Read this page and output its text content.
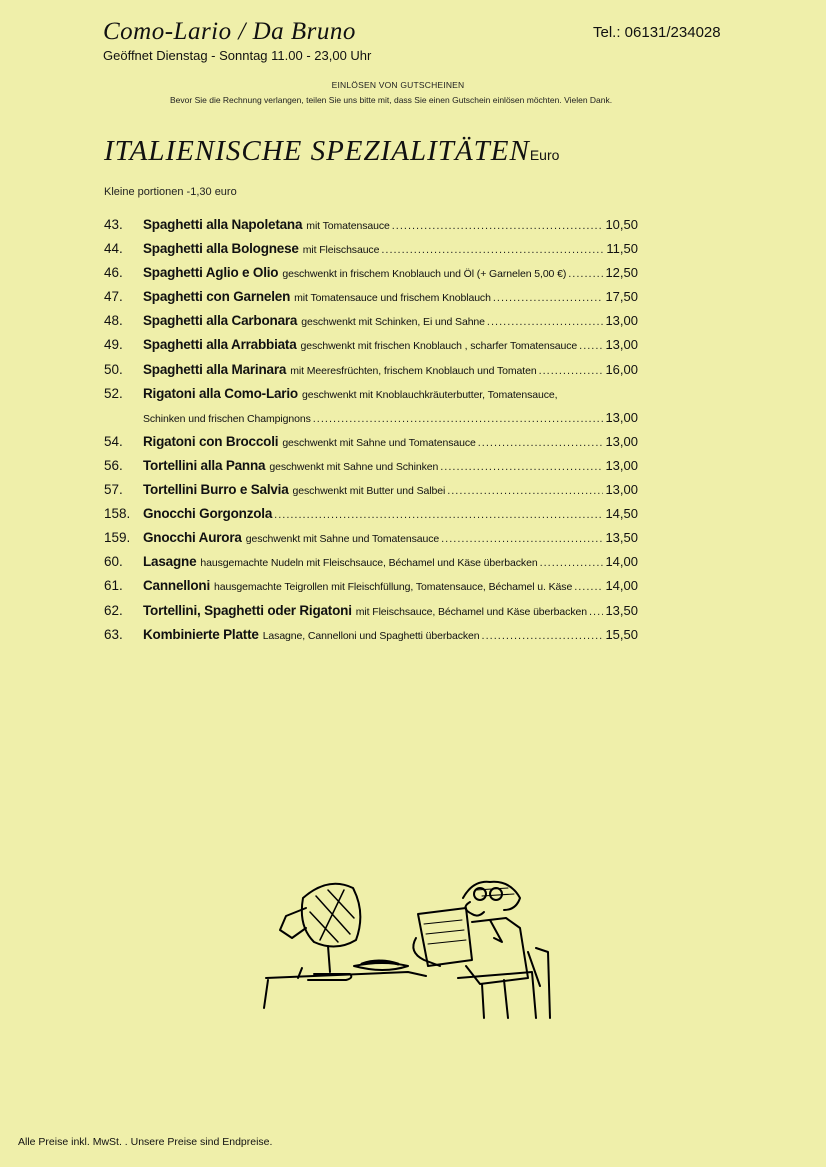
Como-Lario / Da Bruno
Geöffnet Dienstag - Sonntag 11.00 - 23,00 Uhr
Tel.: 06131/234028
EINLÖSEN VON GUTSCHEINEN
Bevor Sie die Rechnung verlangen, teilen Sie uns bitte mit, dass Sie einen Gutschein einlösen möchten. Vielen Dank.
ITALIENISCHE SPEZIALITÄTENEuro
Kleine portionen -1,30 euro
43.	Spaghetti alla Napoletana mit Tomatensauce .....	10,50
44.	Spaghetti alla Bolognese mit Fleischsauce .....	11,50
46.	Spaghetti Aglio e Olio geschwenkt in frischem Knoblauch und Öl (+ Garnelen 5,00 €) .....	12,50
47.	Spaghetti con Garnelen mit Tomatensauce und frischem Knoblauch .....	17,50
48.	Spaghetti alla Carbonara geschwenkt mit Schinken, Ei und Sahne .....	13,00
49.	Spaghetti alla Arrabbiata geschwenkt mit frischen Knoblauch , scharfer Tomatensauce ..... 13,00
50.	Spaghetti alla Marinara mit Meeresfrüchten, frischem Knoblauch und Tomaten .....	16,00
52.	Rigatoni alla Como-Lario geschwenkt mit Knoblauchkräuterbutter, Tomatensauce,
Schinken und frischen Champignons .....	13,00
54.	Rigatoni con Broccoli geschwenkt mit Sahne und Tomatensauce .....	13,00
56.	Tortellini alla Panna geschwenkt mit Sahne und Schinken .....	13,00
57.	Tortellini Burro e Salvia geschwenkt mit Butter und Salbei .....	13,00
158. Gnocchi Gorgonzola .....	14,50
159. Gnocchi Aurora geschwenkt mit Sahne und Tomatensauce .....	13,50
60.	Lasagne hausgemachte Nudeln mit Fleischsauce, Béchamel und Käse überbacken .....	14,00
61.	Cannelloni hausgemachte Teigrollen mit Fleischfüllung, Tomatensauce, Béchamel u. Käse .....	14,00
62.	Tortellini, Spaghetti oder Rigatoni mit Fleischsauce, Béchamel und Käse überbacken ..... 13,50
63.	Kombinierte Platte Lasagne, Cannelloni und Spaghetti überbacken .....	15,50
Alle Preise inkl. MwSt. . Unsere Preise sind Endpreise.
